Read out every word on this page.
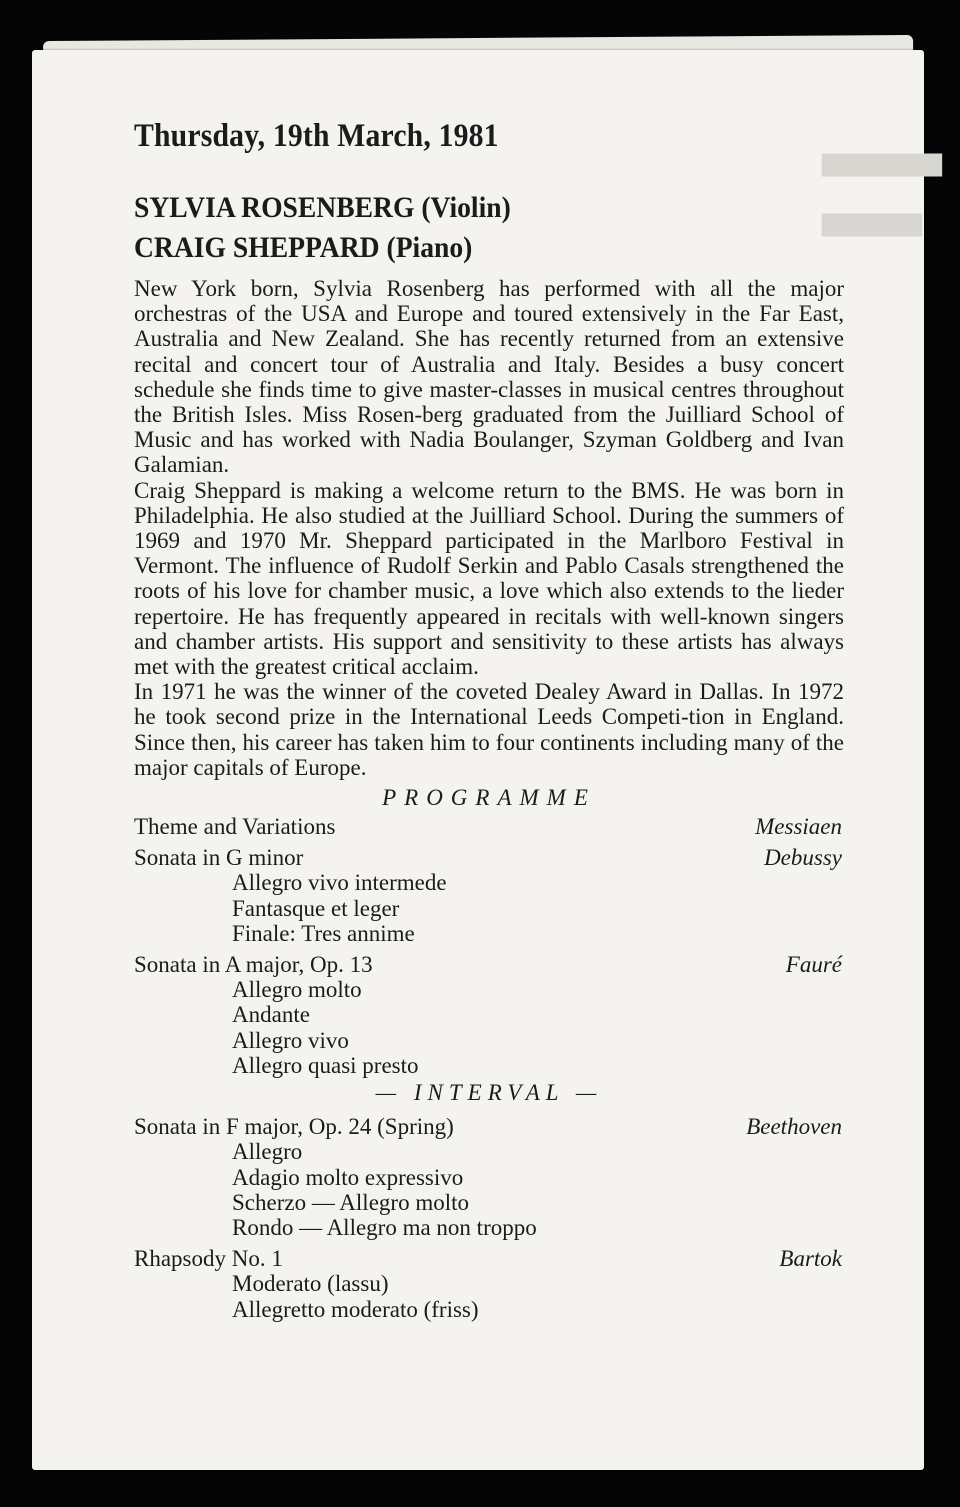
▆▆▆▆▆▆
▆▆▆▆▆
Thursday, 19th March, 1981
SYLVIA ROSENBERG (Violin)
CRAIG SHEPPARD (Piano)

New York born, Sylvia Rosenberg has performed with all the major orchestras of the USA and Europe and toured extensively in the Far East, Australia and New Zealand. She has recently returned from an extensive recital and concert tour of Australia and Italy. Besides a busy concert schedule she finds time to give master-classes in musical centres throughout the British Isles. Miss Rosen-berg graduated from the Juilliard School of Music and has worked with Nadia Boulanger, Szyman Goldberg and Ivan Galamian.

Craig Sheppard is making a welcome return to the BMS. He was born in Philadelphia. He also studied at the Juilliard School. During the summers of 1969 and 1970 Mr. Sheppard participated in the Marlboro Festival in Vermont. The influence of Rudolf Serkin and Pablo Casals strengthened the roots of his love for chamber music, a love which also extends to the lieder repertoire. He has frequently appeared in recitals with well-known singers and chamber artists. His support and sensitivity to these artists has always met with the greatest critical acclaim.

In 1971 he was the winner of the coveted Dealey Award in Dallas. In 1972 he took second prize in the International Leeds Competi-tion in England. Since then, his career has taken him to four continents including many of the major capitals of Europe.

PROGRAMME
Theme and Variations	Messiaen
Sonata in G minor	Debussy
Allegro vivo intermede
Fantasque et leger
Finale: Tres annime
Sonata in A major, Op. 13	Fauré
Allegro molto
Andante
Allegro vivo
Allegro quasi presto
— INTERVAL —
Sonata in F major, Op. 24 (Spring)	Beethoven
Allegro
Adagio molto expressivo
Scherzo — Allegro molto
Rondo — Allegro ma non troppo
Rhapsody No. 1	Bartok
Moderato (lassu)
Allegretto moderato (friss)
